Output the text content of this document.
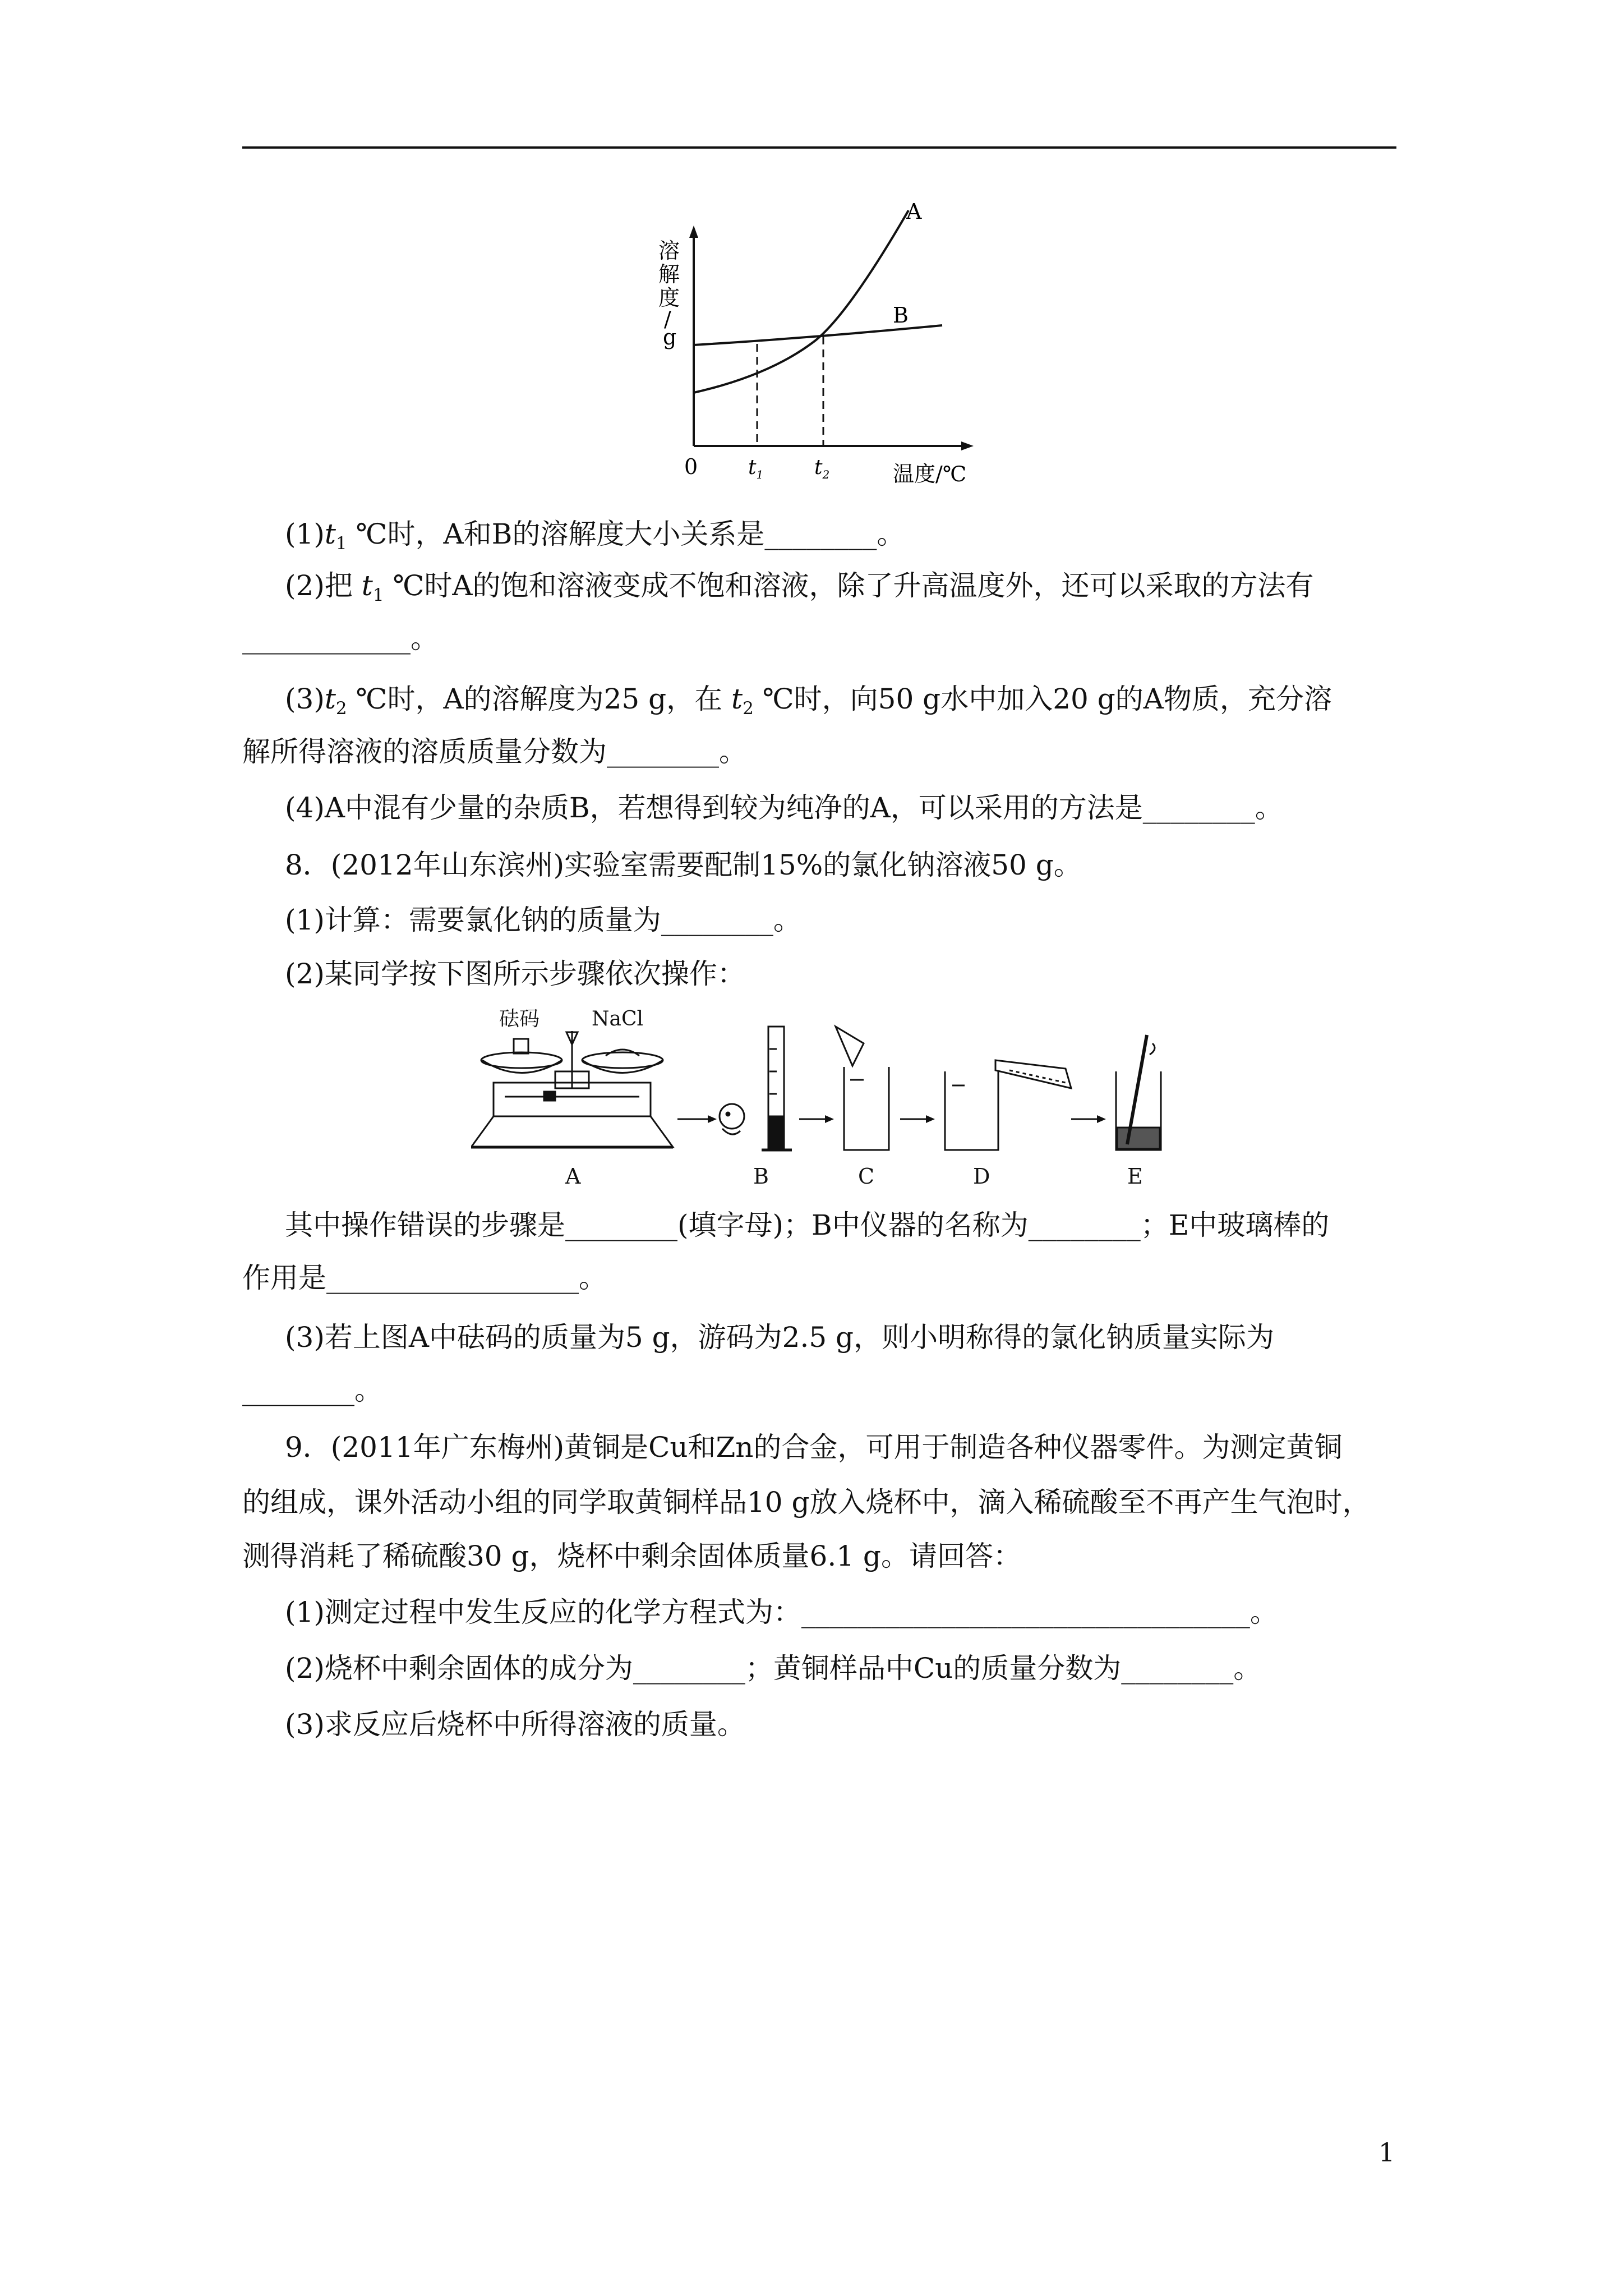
溶
解
度
/
g
A
B
0 $t_1$	$t_2$	温度/℃
$(1)t_1$ ℃时，A和B的溶解度大小关系是________。
(2)把 $t_1$ ℃时A的饱和溶液变成不饱和溶液，除了升高温度外，还可以采取的方法有
____________。
$(3)t_2$ ℃时，A的溶解度为25 g，在 $t_2$ ℃时，向50 g水中加入20 g的A物质，充分溶
解所得溶液的溶质质量分数为________。
(4)A中混有少量的杂质B，若想得到较为纯净的A，可以采用的方法是________。
8．(2012年山东滨州)实验室需要配制15%的氯化钠溶液50 g。
(1)计算：需要氯化钠的质量为________。
(2)某同学按下图所示步骤依次操作：
砝码	NaCl
A	B	C	D	E
其中操作错误的步骤是________(填字母)；B中仪器的名称为________；E中玻璃棒的
作用是__________________。
(3)若上图A中砝码的质量为5 g，游码为2.5 g，则小明称得的氯化钠质量实际为
________。
9．(2011年广东梅州)黄铜是Cu和Zn的合金，可用于制造各种仪器零件。为测定黄铜
的组成，课外活动小组的同学取黄铜样品10 g放入烧杯中，滴入稀硫酸至不再产生气泡时，
测得消耗了稀硫酸30 g，烧杯中剩余固体质量6.1 g。请回答：
(1)测定过程中发生反应的化学方程式为：________________________________。
(2)烧杯中剩余固体的成分为________；黄铜样品中Cu的质量分数为________。
(3)求反应后烧杯中所得溶液的质量。
1
